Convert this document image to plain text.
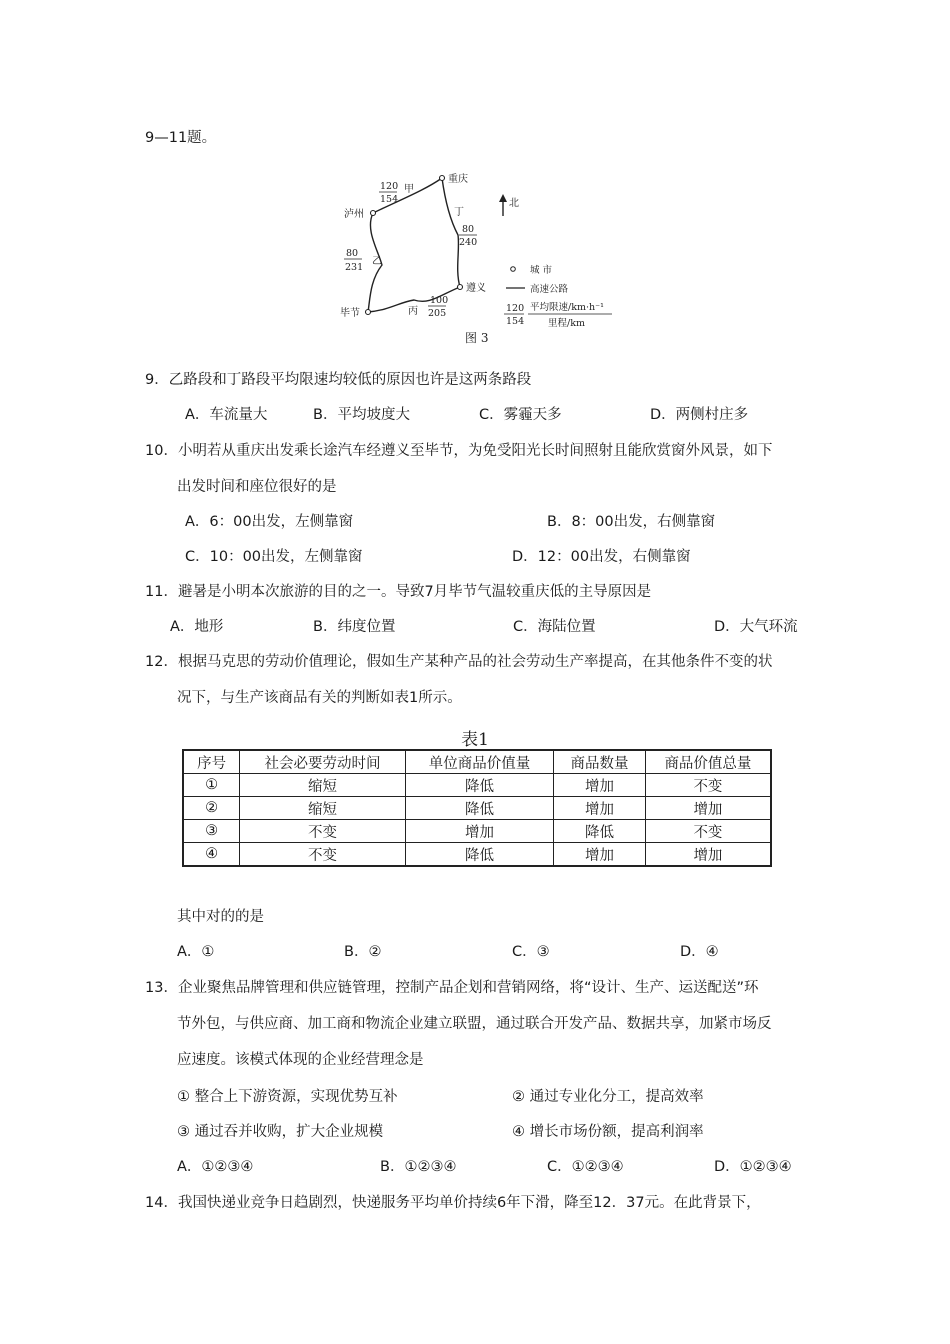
9—11题。
重庆
泸州
遵义
毕节
甲
120
154
乙
80
231
丙
100
205
丁
80
240
北
城 市
高速公路
120
154
平均限速/km·h⁻¹
里程/km
图 3
9．乙路段和丁路段平均限速均较低的原因也许是这两条路段
A．车流量大	B．平均坡度大	C．雾霾天多	D．两侧村庄多
10．小明若从重庆出发乘长途汽车经遵义至毕节，为免受阳光长时间照射且能欣赏窗外风景，如下
出发时间和座位很好的是
A．6：00出发，左侧靠窗	B．8：00出发，右侧靠窗
C．10：00出发，左侧靠窗	D．12：00出发，右侧靠窗
11．避暑是小明本次旅游的目的之一。导致7月毕节气温较重庆低的主导原因是
A．地形	B．纬度位置	C．海陆位置	D．大气环流
12．根据马克思的劳动价值理论，假如生产某种产品的社会劳动生产率提高，在其他条件不变的状
况下，与生产该商品有关的判断如表1所示。
表1
序号	社会必要劳动时间	单位商品价值量	商品数量	商品价值总量
①	缩短	降低	增加	不变
②	缩短	降低	增加	增加
③	不变	增加	降低	不变
④	不变	降低	增加	增加
其中对的的是
A．①	B．②	C．③	D．④
13．企业聚焦品牌管理和供应链管理，控制产品企划和营销网络，将“设计、生产、运送配送”环
节外包，与供应商、加工商和物流企业建立联盟，通过联合开发产品、数据共享，加紧市场反
应速度。该模式体现的企业经营理念是
① 整合上下游资源，实现优势互补	② 通过专业化分工，提高效率
③ 通过吞并收购，扩大企业规模	④ 增长市场份额，提高利润率
A．①②③④	B．①②③④	C．①②③④	D．①②③④
14．我国快递业竞争日趋剧烈，快递服务平均单价持续6年下滑，降至12．37元。在此背景下，
